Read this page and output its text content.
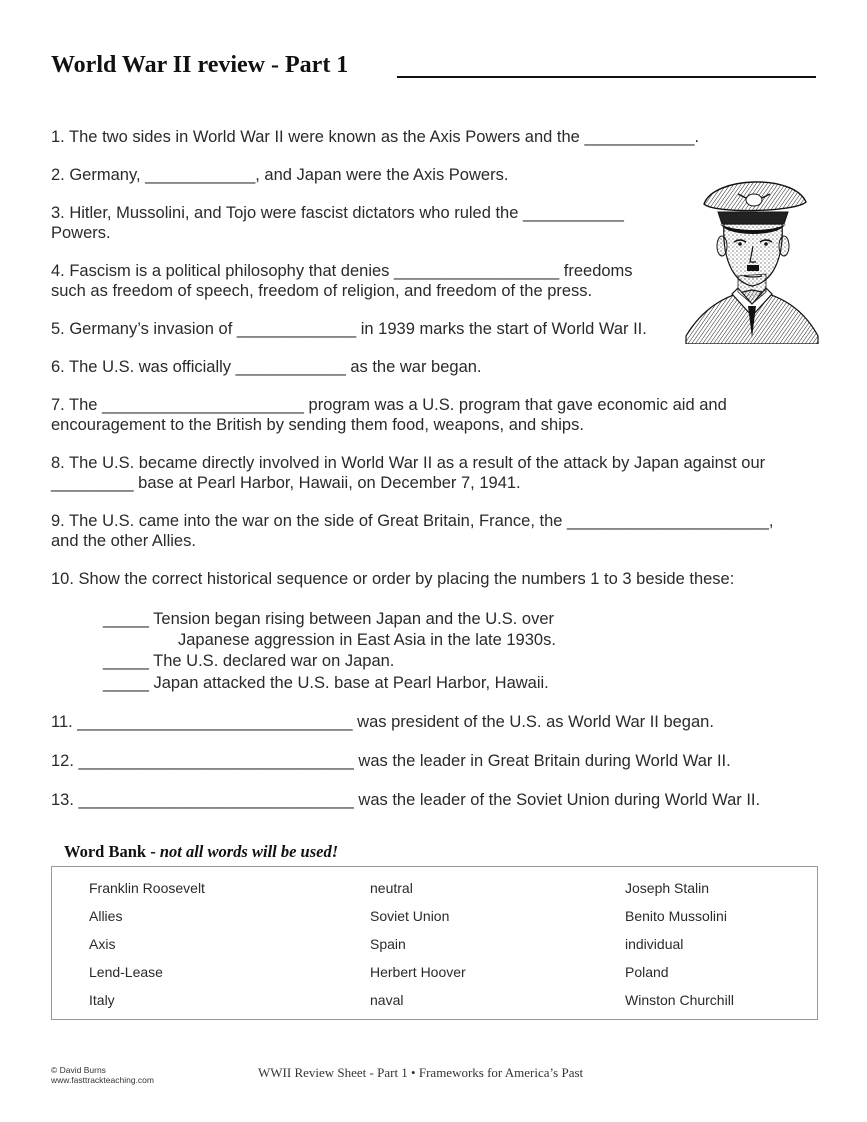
World War II review - Part 1
1. The two sides in World War II were known as the Axis Powers and the ____________.
2. Germany, ____________, and Japan were the Axis Powers.
3. Hitler, Mussolini, and Tojo were fascist dictators who ruled the ___________
Powers.
4. Fascism is a political philosophy that denies __________________ freedoms
such as freedom of speech, freedom of religion, and freedom of the press.
5. Germany’s invasion of _____________ in 1939 marks the start of World War II.
6. The U.S. was officially ____________ as the war began.
7. The ______________________ program was a U.S. program that gave economic aid and
encouragement to the British by sending them food, weapons, and ships.
8. The U.S. became directly involved in World War II as a result of the attack by Japan against our
_________ base at Pearl Harbor, Hawaii, on December 7, 1941.
9. The U.S. came into the war on the side of Great Britain, France, the ______________________,
and the other Allies.
10. Show the correct historical sequence or order by placing the numbers 1 to 3 beside these:
_____ Tension began rising between Japan and the U.S. over
Japanese aggression in East Asia in the late 1930s.
_____ The U.S. declared war on Japan.
_____ Japan attacked the U.S. base at Pearl Harbor, Hawaii.
11. ______________________________ was president of the U.S. as World War II began.
12. ______________________________ was the leader in Great Britain during World War II.
13. ______________________________ was the leader of the Soviet Union during World War II.
Word Bank - not all words will be used!
Franklin Roosevelt
Allies
Axis
Lend-Lease
Italy
neutral
Soviet Union
Spain
Herbert Hoover
naval
Joseph Stalin
Benito Mussolini
individual
Poland
Winston Churchill
© David Burns
www.fasttrackteaching.com	WWII Review Sheet - Part 1 • Frameworks for America’s Past
